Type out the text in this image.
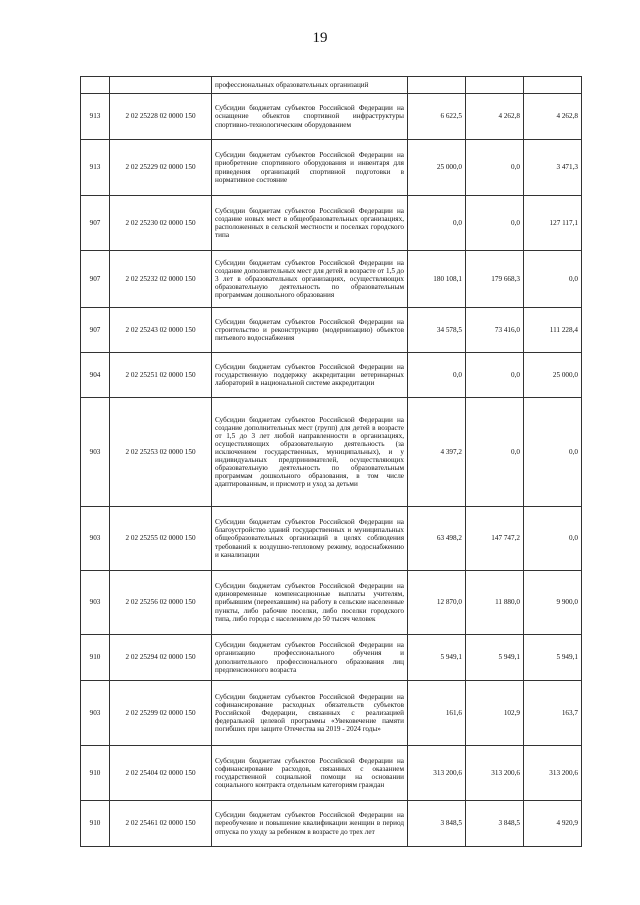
19
		профессиональных образовательных организаций			
913	2 02 25228 02 0000 150	Субсидии бюджетам субъектов Российской Федерации на оснащение объектов спортивной инфраструктуры спортивно-технологическим оборудованием	6 622,5	4 262,8	4 262,8
913	2 02 25229 02 0000 150	Субсидии бюджетам субъектов Российской Федерации на приобретение спортивного оборудования и инвентаря для приведения организаций спортивной подготовки в нормативное состояние	25 000,0	0,0	3 471,3
907	2 02 25230 02 0000 150	Субсидии бюджетам субъектов Российской Федерации на создание новых мест в общеобразовательных организациях, расположенных в сельской местности и поселках городского типа	0,0	0,0	127 117,1
907	2 02 25232 02 0000 150	Субсидии бюджетам субъектов Российской Федерации на создание дополнительных мест для детей в возрасте от 1,5 до 3 лет в образовательных организациях, осуществляющих образовательную деятельность по образовательным программам дошкольного образования	180 108,1	179 668,3	0,0
907	2 02 25243 02 0000 150	Субсидии бюджетам субъектов Российской Федерации на строительство и реконструкцию (модернизацию) объектов питьевого водоснабжения	34 578,5	73 416,0	111 228,4
904	2 02 25251 02 0000 150	Субсидии бюджетам субъектов Российской Федерации на государственную поддержку аккредитации ветеринарных лабораторий в национальной системе аккредитации	0,0	0,0	25 000,0
903	2 02 25253 02 0000 150	Субсидии бюджетам субъектов Российской Федерации на создание дополнительных мест (групп) для детей в возрасте от 1,5 до 3 лет любой направленности в организациях, осуществляющих образовательную деятельность (за исключением государственных, муниципальных), и у индивидуальных предпринимателей, осуществляющих образовательную деятельность по образовательным программам дошкольного образования, в том числе адаптированным, и присмотр и уход за детьми	4 397,2	0,0	0,0
903	2 02 25255 02 0000 150	Субсидии бюджетам субъектов Российской Федерации на благоустройство зданий государственных и муниципальных общеобразовательных организаций в целях соблюдения требований к воздушно-тепловому режиму, водоснабжению и канализации	63 498,2	147 747,2	0,0
903	2 02 25256 02 0000 150	Субсидии бюджетам субъектов Российской Федерации на единовременные компенсационные выплаты учителям, прибывшим (переехавшим) на работу в сельские населенные пункты, либо рабочие поселки, либо поселки городского типа, либо города с населением до 50 тысяч человек	12 870,0	11 880,0	9 900,0
910	2 02 25294 02 0000 150	Субсидии бюджетам субъектов Российской Федерации на организацию профессионального обучения и дополнительного профессионального образования лиц предпенсионного возраста	5 949,1	5 949,1	5 949,1
903	2 02 25299 02 0000 150	Субсидии бюджетам субъектов Российской Федерации на софинансирование расходных обязательств субъектов Российской Федерации, связанных с реализацией федеральной целевой программы «Увековечение памяти погибших при защите Отечества на 2019 - 2024 годы»	161,6	102,9	163,7
910	2 02 25404 02 0000 150	Субсидии бюджетам субъектов Российской Федерации на софинансирование расходов, связанных с оказанием государственной социальной помощи на основании социального контракта отдельным категориям граждан	313 200,6	313 200,6	313 200,6
910	2 02 25461 02 0000 150	Субсидии бюджетам субъектов Российской Федерации на переобучение и повышение квалификации женщин в период отпуска по уходу за ребенком в возрасте до трех лет	3 848,5	3 848,5	4 920,9
